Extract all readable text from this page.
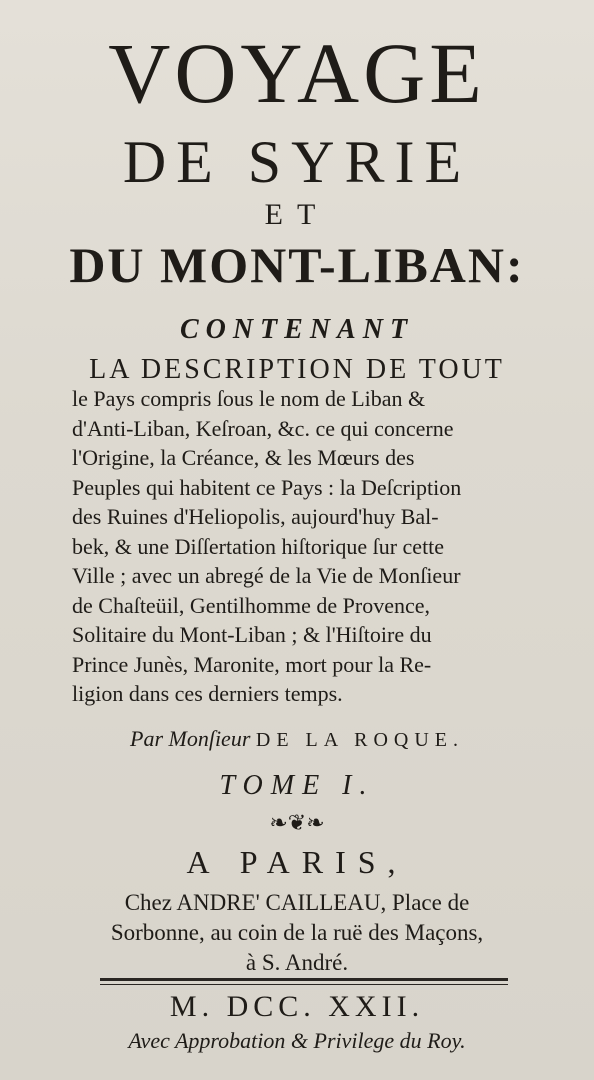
VOYAGE
DE SYRIE
ET
DU MONT-LIBAN:
CONTENANT
LA DESCRIPTION DE TOUT
le Pays compris ſous le nom de Liban &
d'Anti-Liban, Keſroan, &c. ce qui concerne
l'Origine, la Créance, & les Mœurs des
Peuples qui habitent ce Pays : la Deſcription
des Ruines d'Heliopolis, aujourd'huy Bal-
bek, & une Diſſertation hiſtorique ſur cette
Ville ; avec un abregé de la Vie de Monſieur
de Chaſteüil, Gentilhomme de Provence,
Solitaire du Mont-Liban ; & l'Hiſtoire du
Prince Junès, Maronite, mort pour la Re-
ligion dans ces derniers temps.
Par Monſieur DE LA ROQUE.
TOME I.
❧❦❧
A PARIS,
Chez ANDRE' CAILLEAU, Place de
Sorbonne, au coin de la ruë des Maçons,
à S. André.
M. DCC. XXII.
Avec Approbation & Privilege du Roy.
